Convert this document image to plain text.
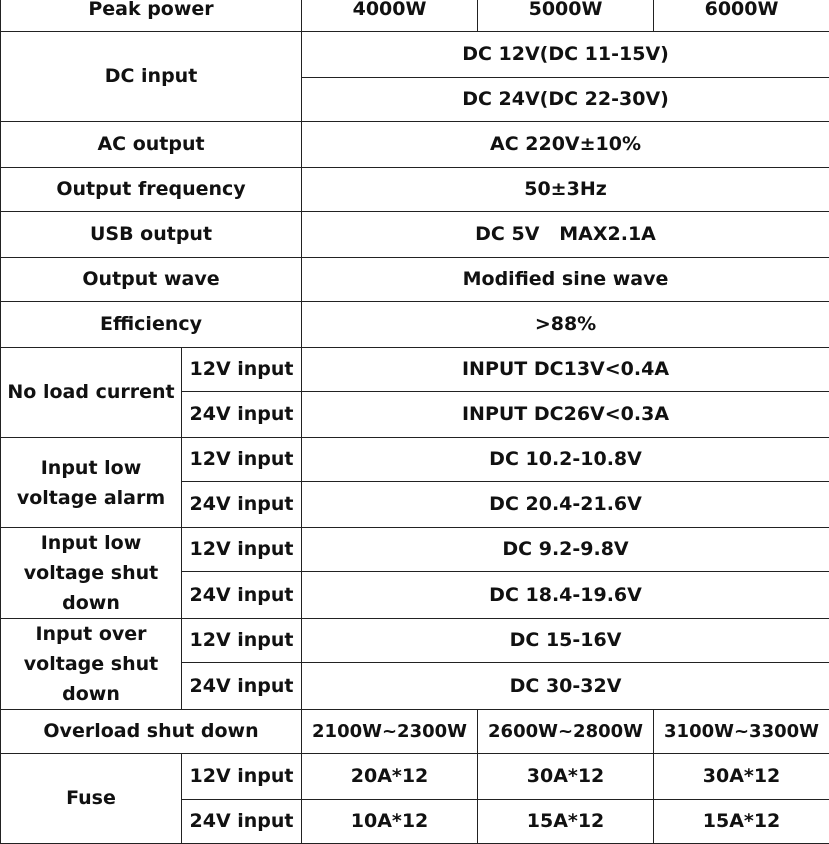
Peak power		4000W	5000W	6000W
DC input		DC 12V(DC 11-15V)		
		DC 24V(DC 22-30V)		
AC output		AC 220V±10%		
Output frequency		50±3Hz		
USB output		DC 5V   MAX2.1A		
Output wave		Modified sine wave		
Efficiency		>88%		
No load current	12V input	INPUT DC13V<0.4A		
	24V input	INPUT DC26V<0.3A		
Input low voltage alarm	12V input	DC 10.2-10.8V		
	24V input	DC 20.4-21.6V		
Input low voltage shut down	12V input	DC 9.2-9.8V		
	24V input	DC 18.4-19.6V		
Input over voltage shut down	12V input	DC 15-16V		
	24V input	DC 30-32V		
Overload shut down		2100W~2300W	2600W~2800W	3100W~3300W
Fuse	12V input	20A*12	30A*12	30A*12
	24V input	10A*12	15A*12	15A*12
